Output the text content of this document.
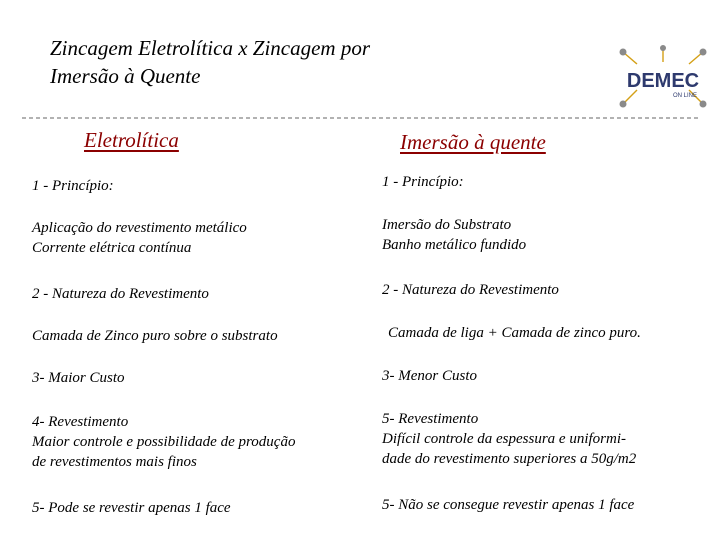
Zincagem Eletrolítica x Zincagem por
Imersão à Quente	DEMEC
ON LINE
Eletrolítica	Imersão à quente
1 - Princípio:
Aplicação do revestimento metálico
Corrente elétrica contínua
2 - Natureza do Revestimento
Camada de Zinco puro sobre o substrato
3- Maior Custo
4- Revestimento
Maior controle e possibilidade de produção
de revestimentos mais finos
5- Pode se revestir apenas 1 face
1 - Princípio:
Imersão do Substrato
Banho metálico fundido
2 - Natureza do Revestimento
Camada de liga + Camada de zinco puro.
3- Menor Custo
5- Revestimento
Difícil controle da espessura e uniformi-
dade do revestimento superiores a 50g/m2
5- Não se consegue revestir apenas 1 face
